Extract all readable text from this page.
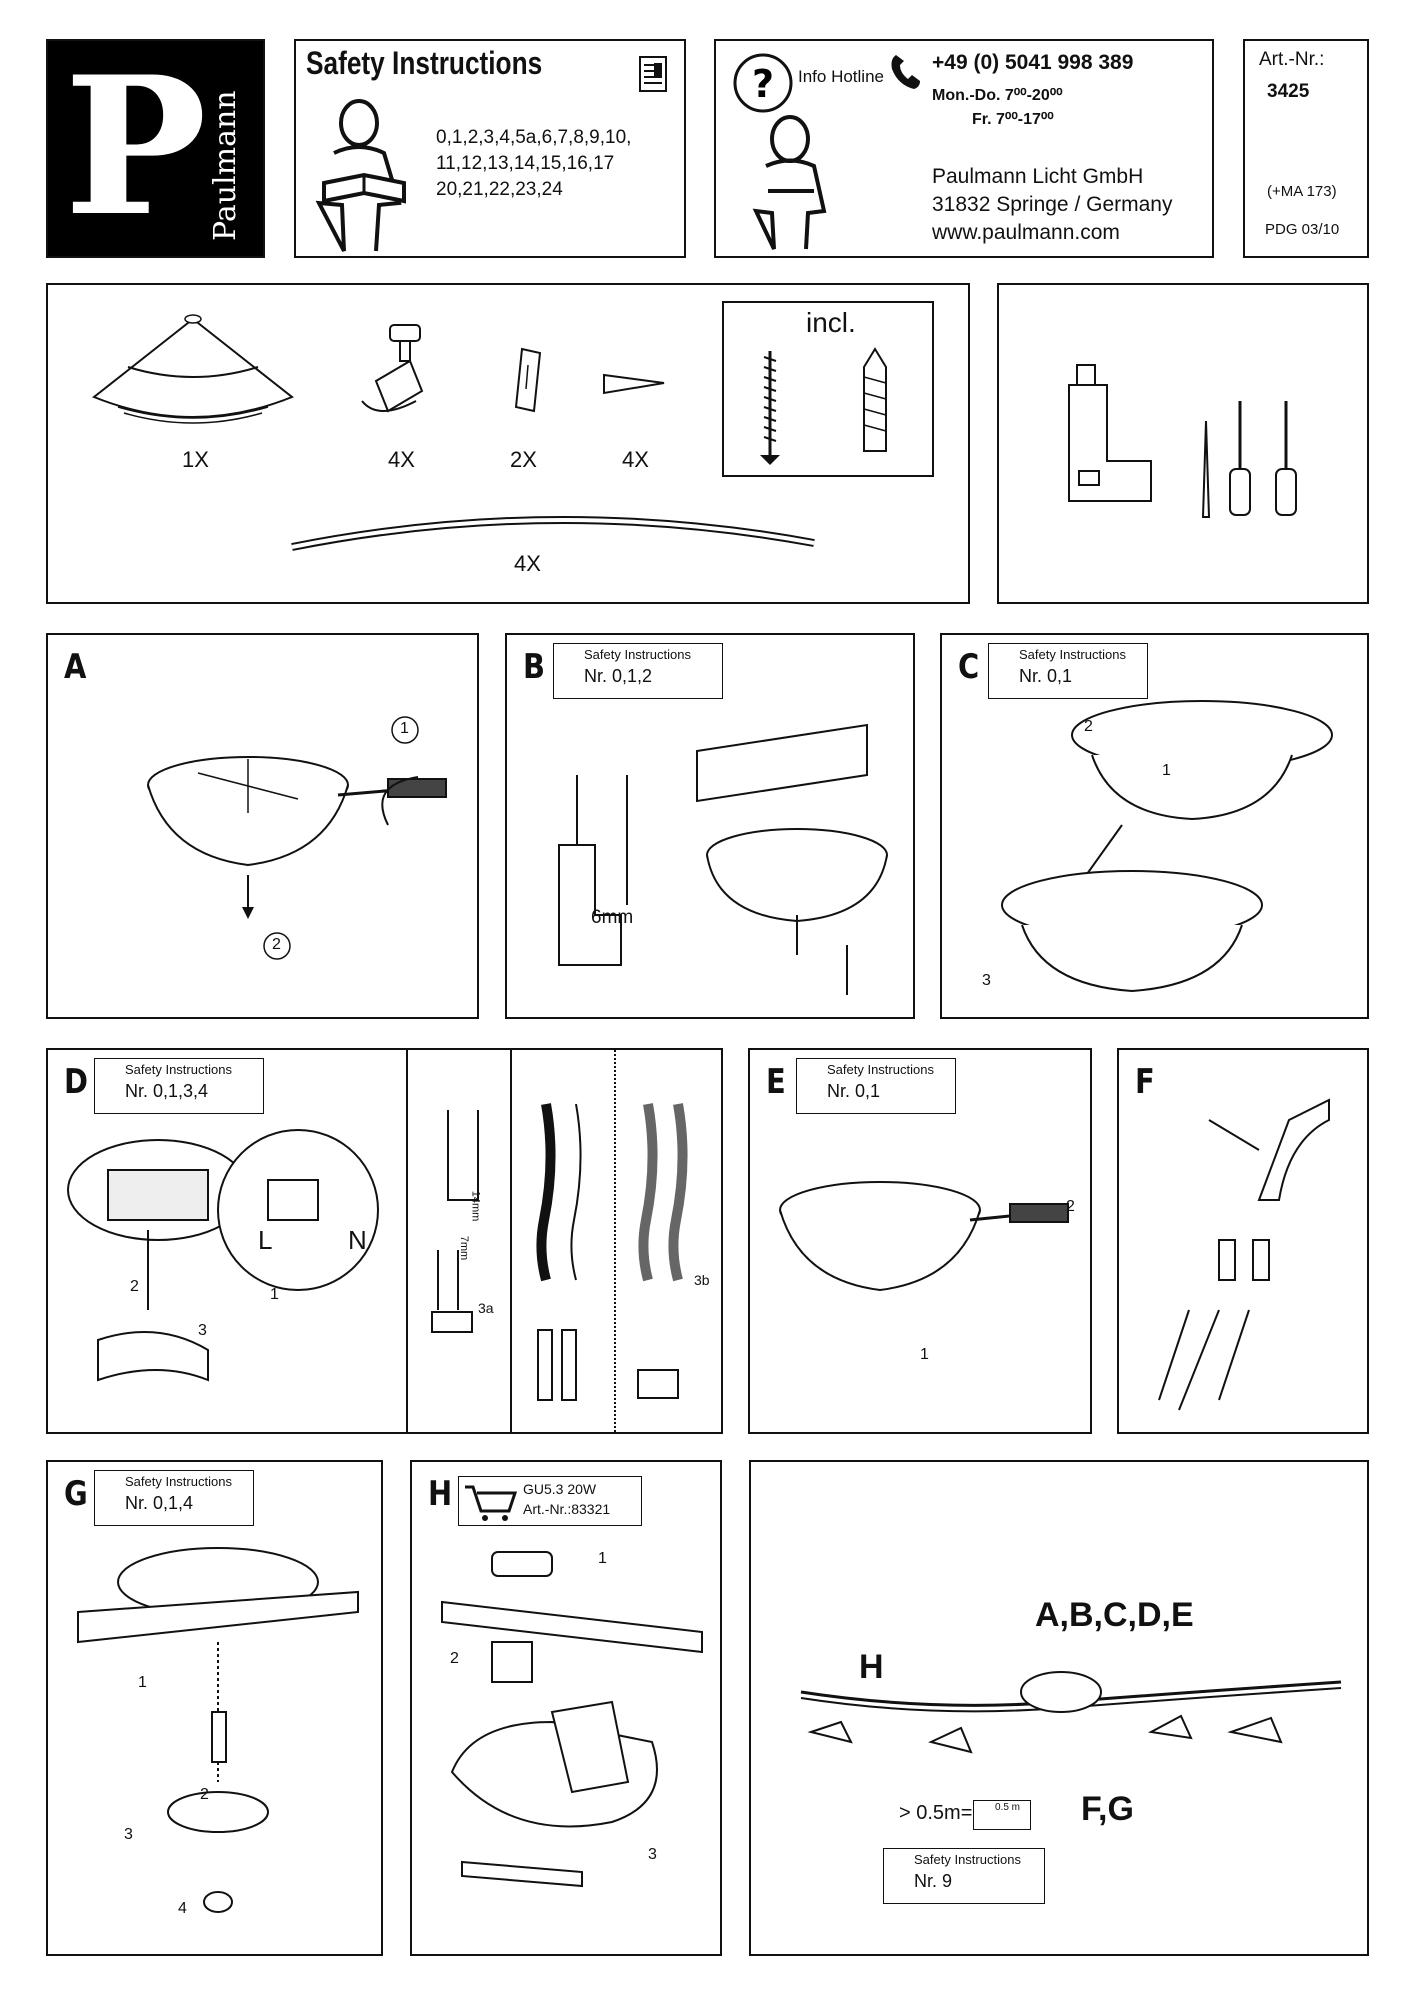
P Paulmann
Safety Instructions
0,1,2,3,4,5a,6,7,8,9,10,
11,12,13,14,15,16,17
20,21,22,23,24
? Info Hotline
+49 (0) 5041 998 389
Mon.-Do. 7⁰⁰-20⁰⁰
Fr. 7⁰⁰-17⁰⁰
Paulmann Licht GmbH
31832 Springe / Germany
www.paulmann.com
Art.-Nr.:
3425
(+MA 173)
PDG 03/10
1X	4X	2X	4X
incl.
4X
A
1
2
B	Safety Instructions
Nr. 0,1,2
6mm
C	Safety Instructions
Nr. 0,1
1
2
3
D	Safety Instructions
Nr. 0,1,3,4
L	N
1
2
3
14mm
7mm
3a
3b
E	Safety Instructions
Nr. 0,1
1
2
F
G	Safety Instructions
Nr. 0,1,4
1
2
3
4
H	GU5.3 20W
Art.-Nr.:83321
1
2
3
A,B,C,D,E
H
F,G
> 0.5m= 0.5 m
Safety Instructions
Nr. 9
